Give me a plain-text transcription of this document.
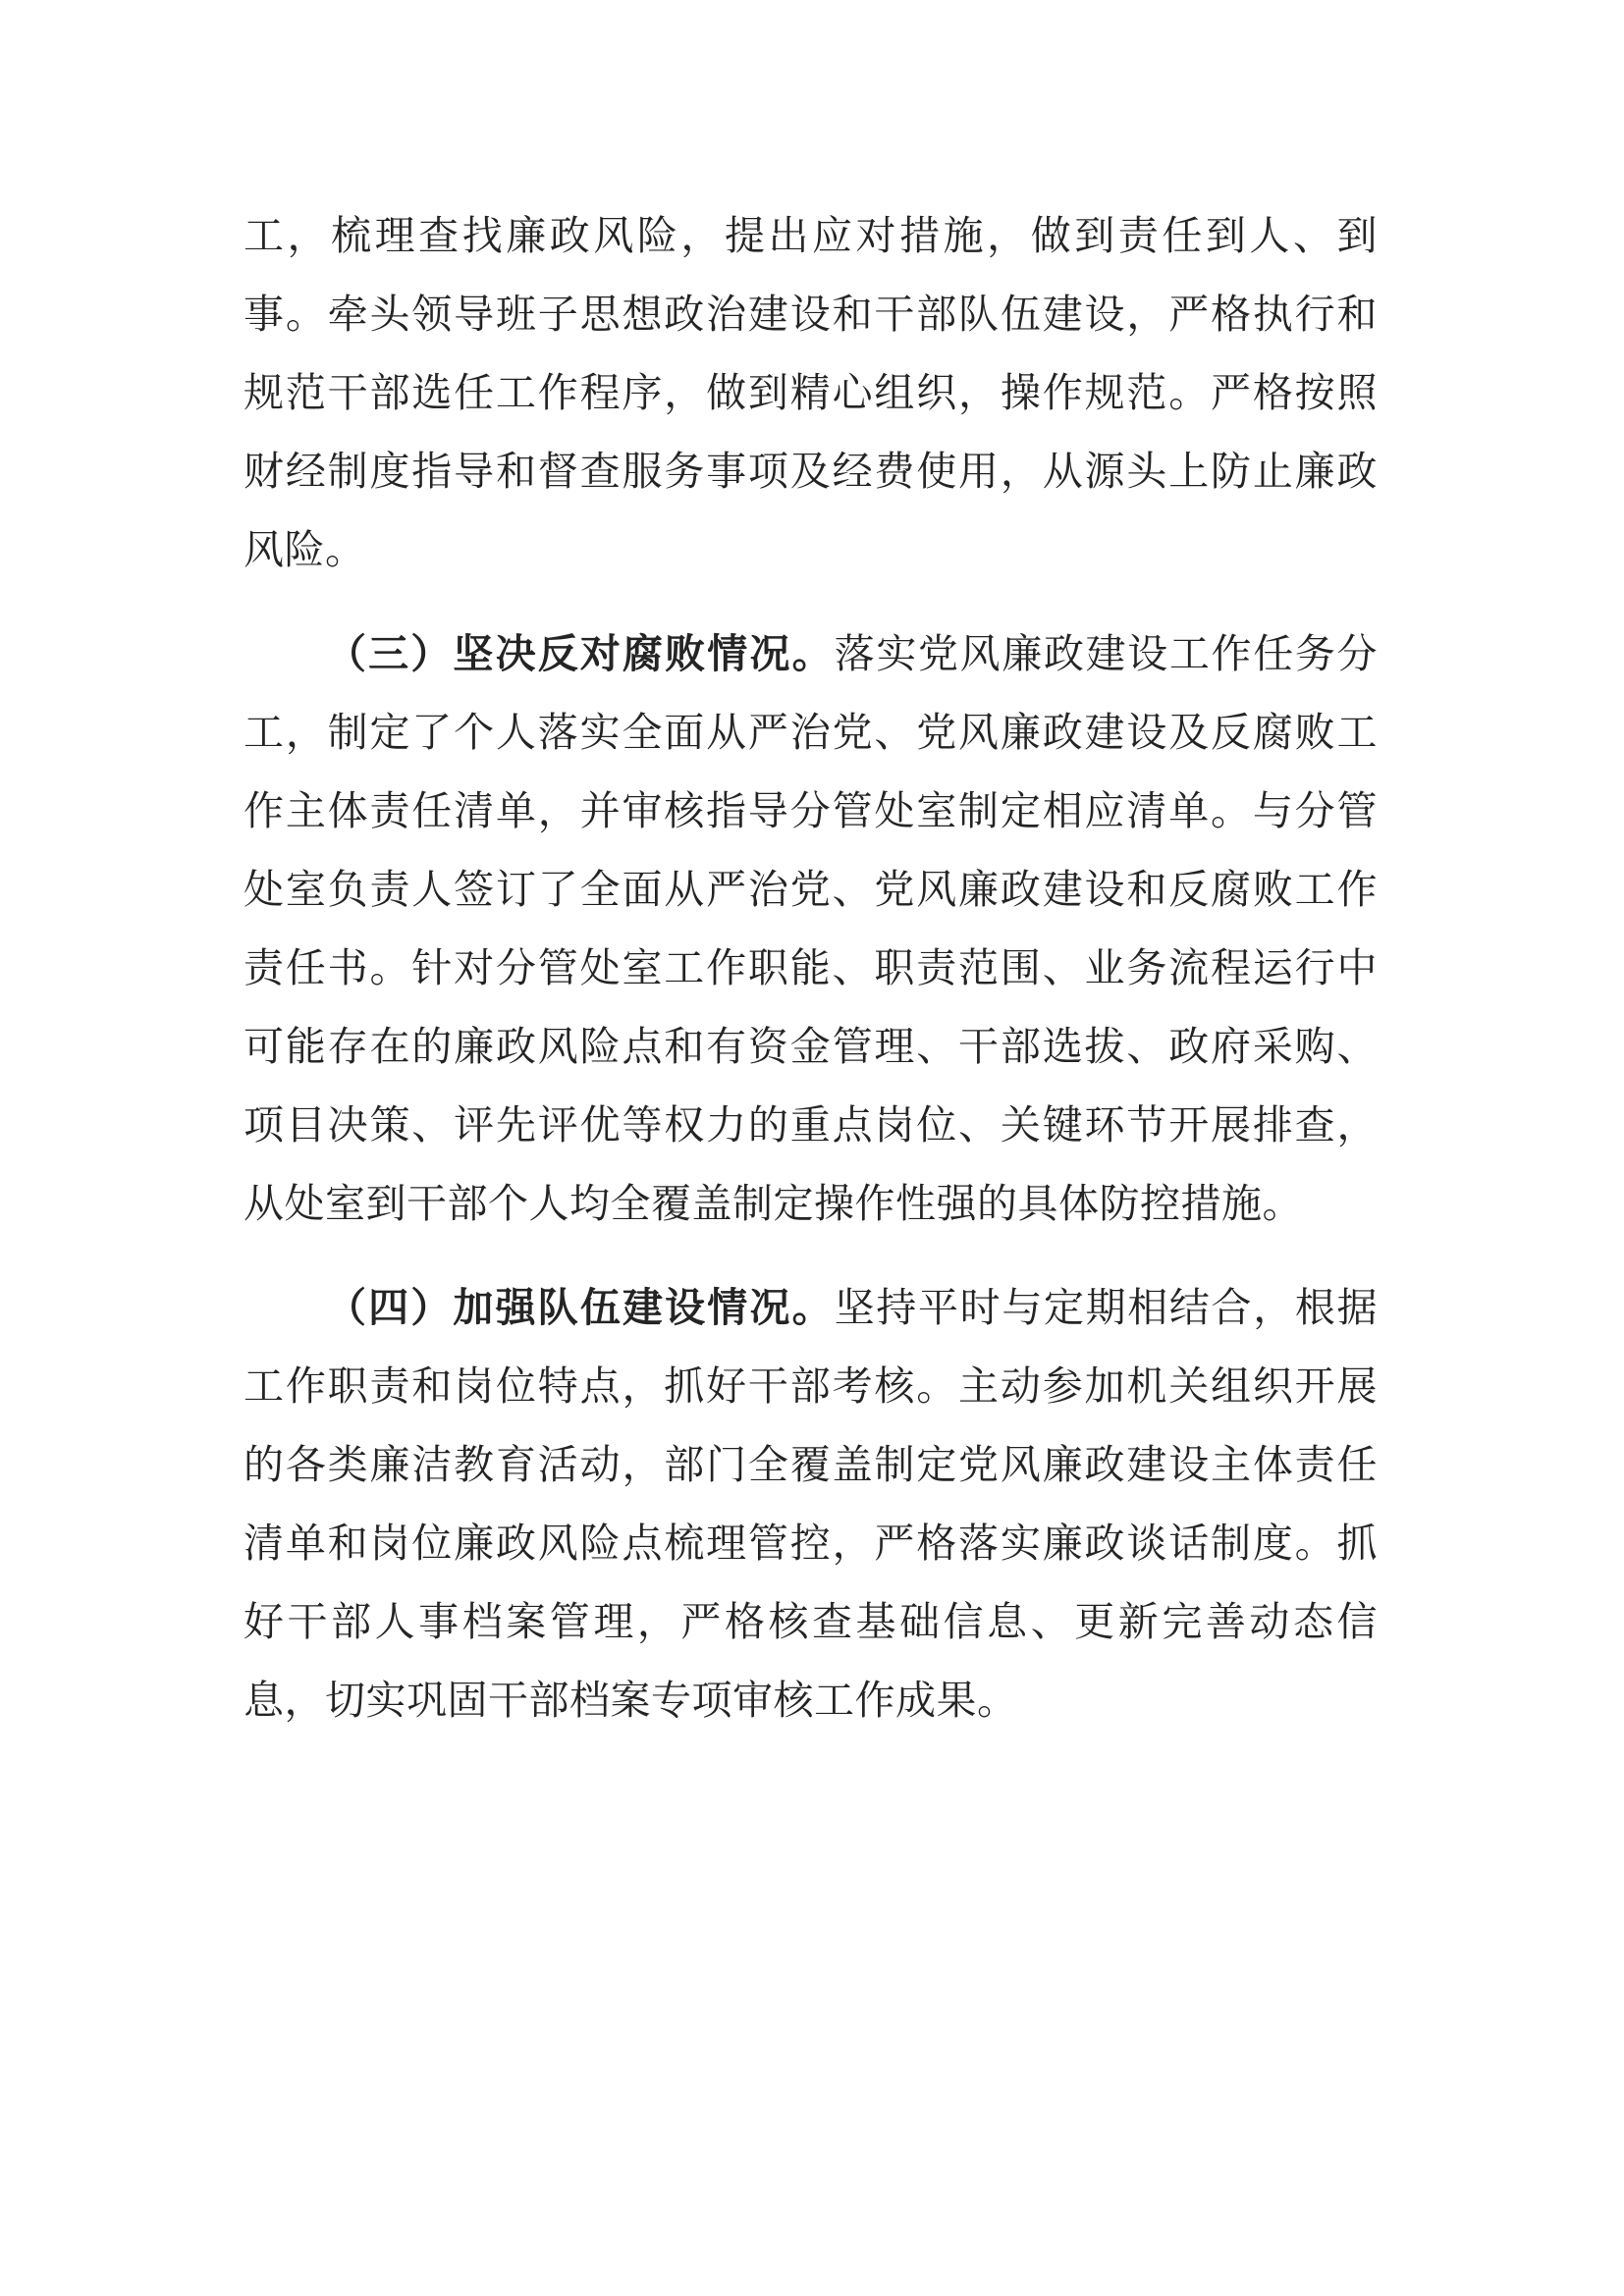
工，梳理查找廉政风险，提出应对措施，做到责任到人、到事。牵头领导班子思想政治建设和干部队伍建设，严格执行和规范干部选任工作程序，做到精心组织，操作规范。严格按照财经制度指导和督查服务事项及经费使用，从源头上防止廉政风险。

（三）坚决反对腐败情况。落实党风廉政建设工作任务分工，制定了个人落实全面从严治党、党风廉政建设及反腐败工作主体责任清单，并审核指导分管处室制定相应清单。与分管处室负责人签订了全面从严治党、党风廉政建设和反腐败工作责任书。针对分管处室工作职能、职责范围、业务流程运行中可能存在的廉政风险点和有资金管理、干部选拔、政府采购、项目决策、评先评优等权力的重点岗位、关键环节开展排查，从处室到干部个人均全覆盖制定操作性强的具体防控措施。

（四）加强队伍建设情况。坚持平时与定期相结合，根据工作职责和岗位特点，抓好干部考核。主动参加机关组织开展的各类廉洁教育活动，部门全覆盖制定党风廉政建设主体责任清单和岗位廉政风险点梳理管控，严格落实廉政谈话制度。抓好干部人事档案管理，严格核查基础信息、更新完善动态信息，切实巩固干部档案专项审核工作成果。
